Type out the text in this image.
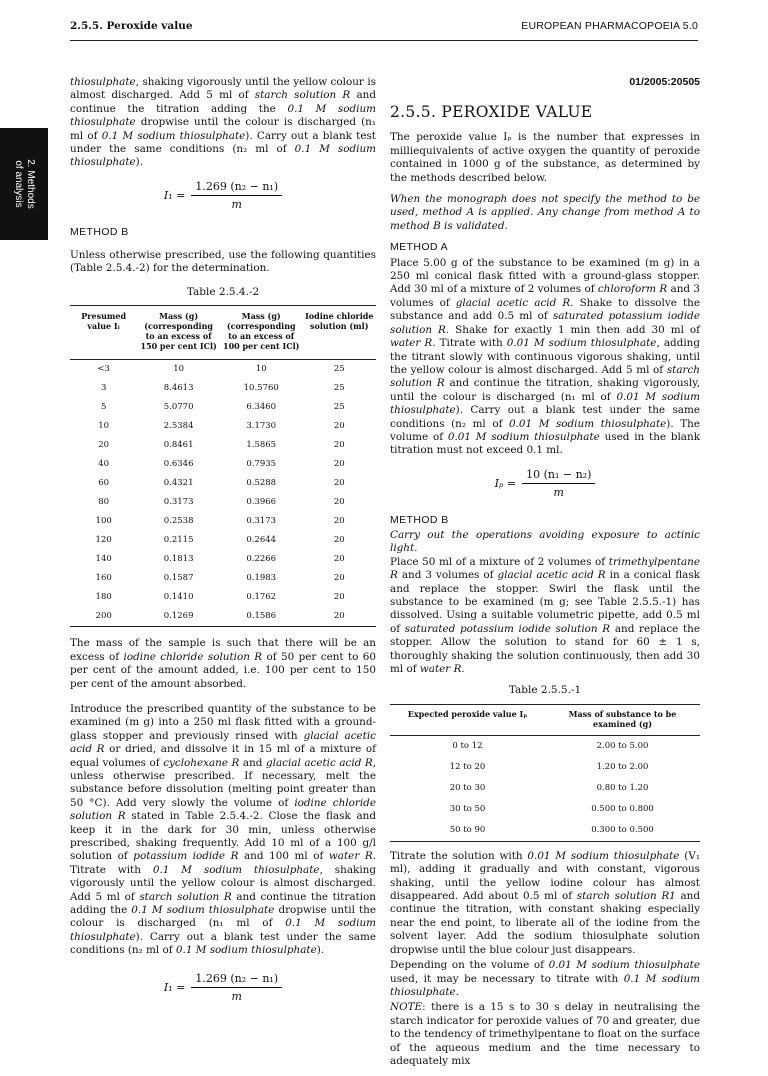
2.5.5. Peroxide value	EUROPEAN PHARMACOPOEIA 5.0
2. Methods
of analysis

thiosulphate, shaking vigorously until the yellow colour is almost discharged. Add 5 ml of starch solution R and continue the titration adding the 0.1 M sodium thiosulphate dropwise until the colour is discharged (n₁ ml of 0.1 M sodium thiosulphate). Carry out a blank test under the same conditions (n₂ ml of 0.1 M sodium thiosulphate).

$I_1 = \frac{\text{1.269 (n₂ − n₁)}}{m}$
METHOD B

Unless otherwise prescribed, use the following quantities (Table 2.5.4.-2) for the determination.

Table 2.5.4.-2
Presumed value Iₗ	Mass (g) (corresponding to an excess of 150 per cent ICl)	Mass (g) (corresponding to an excess of 100 per cent ICl)	Iodine chloride solution (ml)
<3	10	10	25
3	8.4613	10.5760	25
5	5.0770	6.3460	25
10	2.5384	3.1730	20
20	0.8461	1.5865	20
40	0.6346	0.7935	20
60	0.4321	0.5288	20
80	0.3173	0.3966	20
100	0.2538	0.3173	20
120	0.2115	0.2644	20
140	0.1813	0.2266	20
160	0.1587	0.1983	20
180	0.1410	0.1762	20
200	0.1269	0.1586	20

The mass of the sample is such that there will be an excess of iodine chloride solution R of 50 per cent to 60 per cent of the amount added, i.e. 100 per cent to 150 per cent of the amount absorbed.

Introduce the prescribed quantity of the substance to be examined (m g) into a 250 ml flask fitted with a ground-glass stopper and previously rinsed with glacial acetic acid R or dried, and dissolve it in 15 ml of a mixture of equal volumes of cyclohexane R and glacial acetic acid R, unless otherwise prescribed. If necessary, melt the substance before dissolution (melting point greater than 50 °C). Add very slowly the volume of iodine chloride solution R stated in Table 2.5.4.-2. Close the flask and keep it in the dark for 30 min, unless otherwise prescribed, shaking frequently. Add 10 ml of a 100 g/l solution of potassium iodide R and 100 ml of water R. Titrate with 0.1 M sodium thiosulphate, shaking vigorously until the yellow colour is almost discharged. Add 5 ml of starch solution R and continue the titration adding the 0.1 M sodium thiosulphate dropwise until the colour is discharged (n₁ ml of 0.1 M sodium thiosulphate). Carry out a blank test under the same conditions (n₂ ml of 0.1 M sodium thiosulphate).

$I_1 = \frac{\text{1.269 (n₂ − n₁)}}{m}$
01/2005:20505
2.5.5. PEROXIDE VALUE

The peroxide value Iₚ is the number that expresses in milliequivalents of active oxygen the quantity of peroxide contained in 1000 g of the substance, as determined by the methods described below.

When the monograph does not specify the method to be used, method A is applied. Any change from method A to method B is validated.

METHOD A

Place 5.00 g of the substance to be examined (m g) in a 250 ml conical flask fitted with a ground-glass stopper. Add 30 ml of a mixture of 2 volumes of chloroform R and 3 volumes of glacial acetic acid R. Shake to dissolve the substance and add 0.5 ml of saturated potassium iodide solution R. Shake for exactly 1 min then add 30 ml of water R. Titrate with 0.01 M sodium thiosulphate, adding the titrant slowly with continuous vigorous shaking, until the yellow colour is almost discharged. Add 5 ml of starch solution R and continue the titration, shaking vigorously, until the colour is discharged (n₁ ml of 0.01 M sodium thiosulphate). Carry out a blank test under the same conditions (n₂ ml of 0.01 M sodium thiosulphate). The volume of 0.01 M sodium thiosulphate used in the blank titration must not exceed 0.1 ml.

$I_p = \frac{\text{10 (n₁ − n₂)}}{m}$
METHOD B

Carry out the operations avoiding exposure to actinic light.

Place 50 ml of a mixture of 2 volumes of trimethylpentane R and 3 volumes of glacial acetic acid R in a conical flask and replace the stopper. Swirl the flask until the substance to be examined (m g; see Table 2.5.5.-1) has dissolved. Using a suitable volumetric pipette, add 0.5 ml of saturated potassium iodide solution R and replace the stopper. Allow the solution to stand for 60 ± 1 s, thoroughly shaking the solution continuously, then add 30 ml of water R.

Table 2.5.5.-1
Expected peroxide value Iₚ	Mass of substance to be examined (g)
0 to 12	2.00 to 5.00
12 to 20	1.20 to 2.00
20 to 30	0.80 to 1.20
30 to 50	0.500 to 0.800
50 to 90	0.300 to 0.500

Titrate the solution with 0.01 M sodium thiosulphate (V₁ ml), adding it gradually and with constant, vigorous shaking, until the yellow iodine colour has almost disappeared. Add about 0.5 ml of starch solution R1 and continue the titration, with constant shaking especially near the end point, to liberate all of the iodine from the solvent layer. Add the sodium thiosulphate solution dropwise until the blue colour just disappears.

Depending on the volume of 0.01 M sodium thiosulphate used, it may be necessary to titrate with 0.1 M sodium thiosulphate.

NOTE: there is a 15 s to 30 s delay in neutralising the starch indicator for peroxide values of 70 and greater, due to the tendency of trimethylpentane to float on the surface of the aqueous medium and the time necessary to adequately mix
